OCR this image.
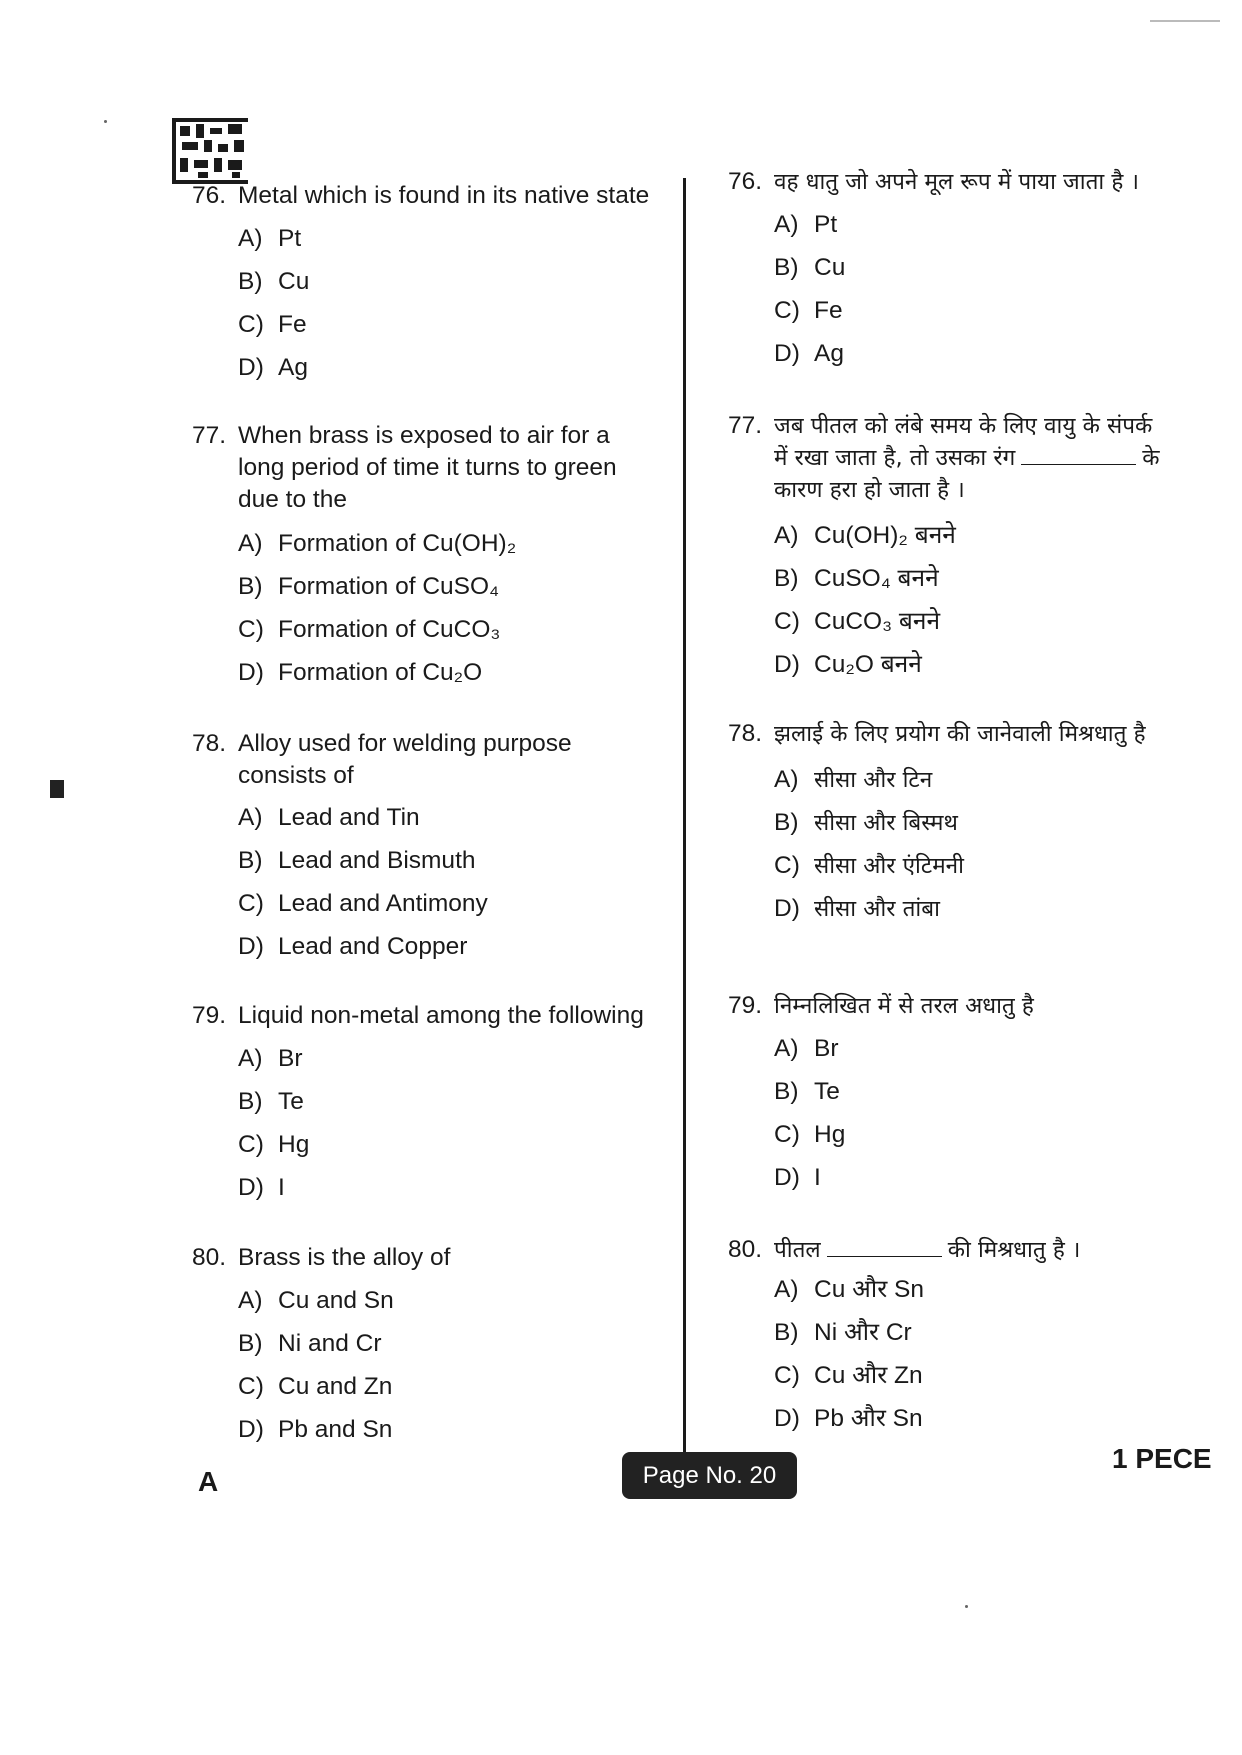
76. Metal which is found in its native state
A) Pt
B) Cu
C) Fe
D) Ag
77. When brass is exposed to air for a
long period of time it turns to green
due to the
A) Formation of Cu(OH)₂
B) Formation of CuSO₄
C) Formation of CuCO₃
D) Formation of Cu₂O
78. Alloy used for welding purpose
consists of
A) Lead and Tin
B) Lead and Bismuth
C) Lead and Antimony
D) Lead and Copper
79. Liquid non-metal among the following
A) Br
B) Te
C) Hg
D) I
80. Brass is the alloy of
A) Cu and Sn
B) Ni and Cr
C) Cu and Zn
D) Pb and Sn
76. वह धातु जो अपने मूल रूप में पाया जाता है ।
A) Pt
B) Cu
C) Fe
D) Ag
77. जब पीतल को लंबे समय के लिए वायु के संपर्क
में रखा जाता है, तो उसका रंग	के
कारण हरा हो जाता है ।
A) Cu(OH)₂ बनने
B) CuSO₄ बनने
C) CuCO₃ बनने
D) Cu₂O बनने
78. झलाई के लिए प्रयोग की जानेवाली मिश्रधातु है
A) सीसा और टिन
B) सीसा और बिस्मथ
C) सीसा और एंटिमनी
D) सीसा और तांबा
79. निम्नलिखित में से तरल अधातु है
A) Br
B) Te
C) Hg
D) I
80. पीतल	की मिश्रधातु है ।
A) Cu और Sn
B) Ni और Cr
C) Cu और Zn
D) Pb और Sn
A	Page No. 20
1 PECE
